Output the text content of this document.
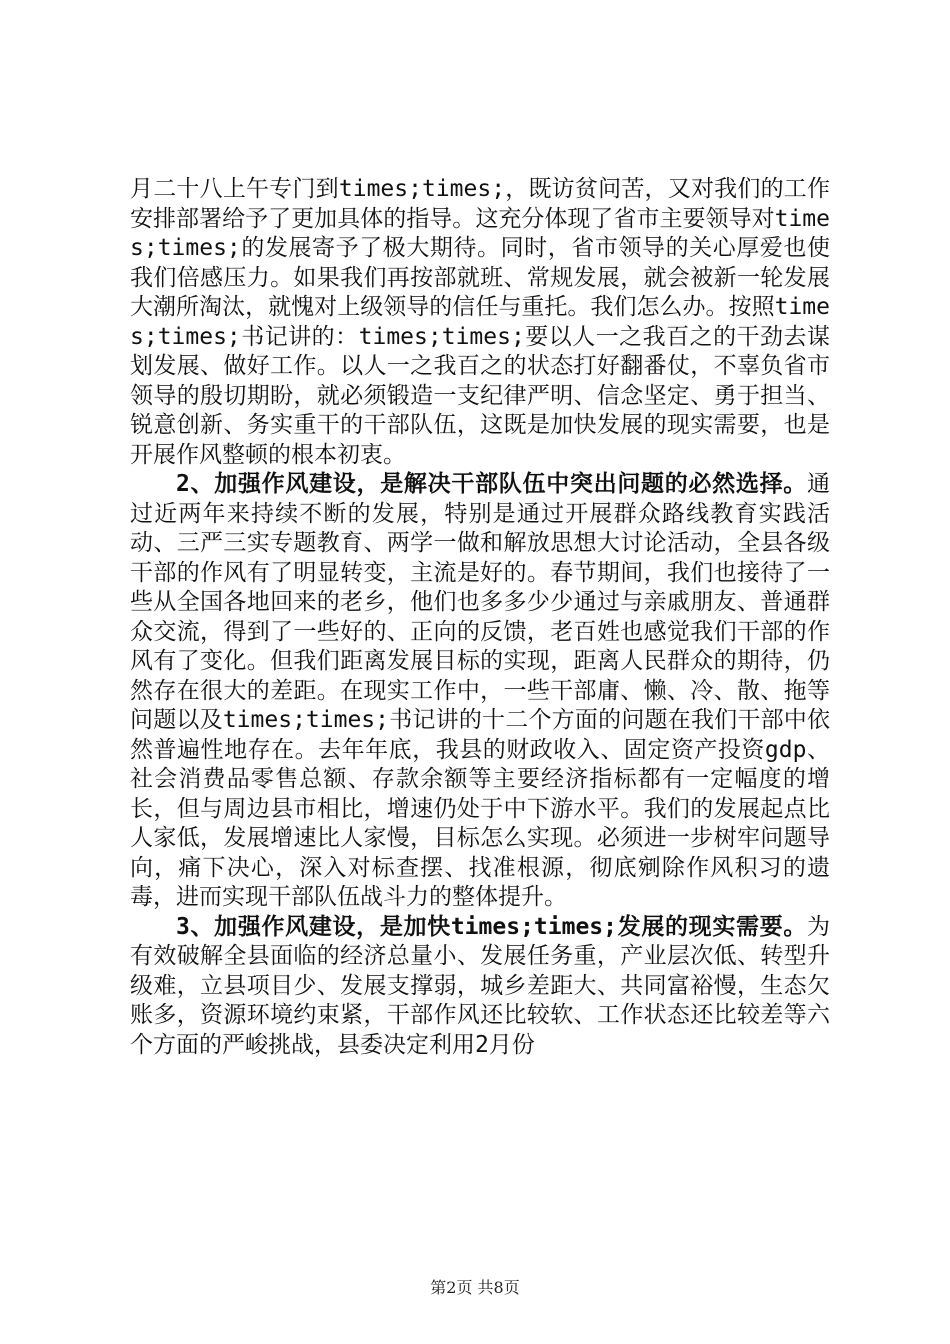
月二十八上午专门到times;times;，既访贫问苦，又对我们的工作安排部署给予了更加具体的指导。这充分体现了省市主要领导对times;times;的发展寄予了极大期待。同时，省市领导的关心厚爱也使我们倍感压力。如果我们再按部就班、常规发展，就会被新一轮发展大潮所淘汰，就愧对上级领导的信任与重托。我们怎么办。按照times;times;书记讲的：times;times;要以人一之我百之的干劲去谋划发展、做好工作。以人一之我百之的状态打好翻番仗，不辜负省市领导的殷切期盼，就必须锻造一支纪律严明、信念坚定、勇于担当、锐意创新、务实重干的干部队伍，这既是加快发展的现实需要，也是开展作风整顿的根本初衷。

2、加强作风建设，是解决干部队伍中突出问题的必然选择。通过近两年来持续不断的发展，特别是通过开展群众路线教育实践活动、三严三实专题教育、两学一做和解放思想大讨论活动，全县各级干部的作风有了明显转变，主流是好的。春节期间，我们也接待了一些从全国各地回来的老乡，他们也多多少少通过与亲戚朋友、普通群众交流，得到了一些好的、正向的反馈，老百姓也感觉我们干部的作风有了变化。但我们距离发展目标的实现，距离人民群众的期待，仍然存在很大的差距。在现实工作中，一些干部庸、懒、冷、散、拖等问题以及times;times;书记讲的十二个方面的问题在我们干部中依然普遍性地存在。去年年底，我县的财政收入、固定资产投资gdp、社会消费品零售总额、存款余额等主要经济指标都有一定幅度的增长，但与周边县市相比，增速仍处于中下游水平。我们的发展起点比人家低，发展增速比人家慢，目标怎么实现。必须进一步树牢问题导向，痛下决心，深入对标查摆、找准根源，彻底剜除作风积习的遗毒，进而实现干部队伍战斗力的整体提升。

3、加强作风建设，是加快times;times;发展的现实需要。为有效破解全县面临的经济总量小、发展任务重，产业层次低、转型升级难，立县项目少、发展支撑弱，城乡差距大、共同富裕慢，生态欠账多，资源环境约束紧，干部作风还比较软、工作状态还比较差等六个方面的严峻挑战，县委决定利用2月份

第2页 共8页
